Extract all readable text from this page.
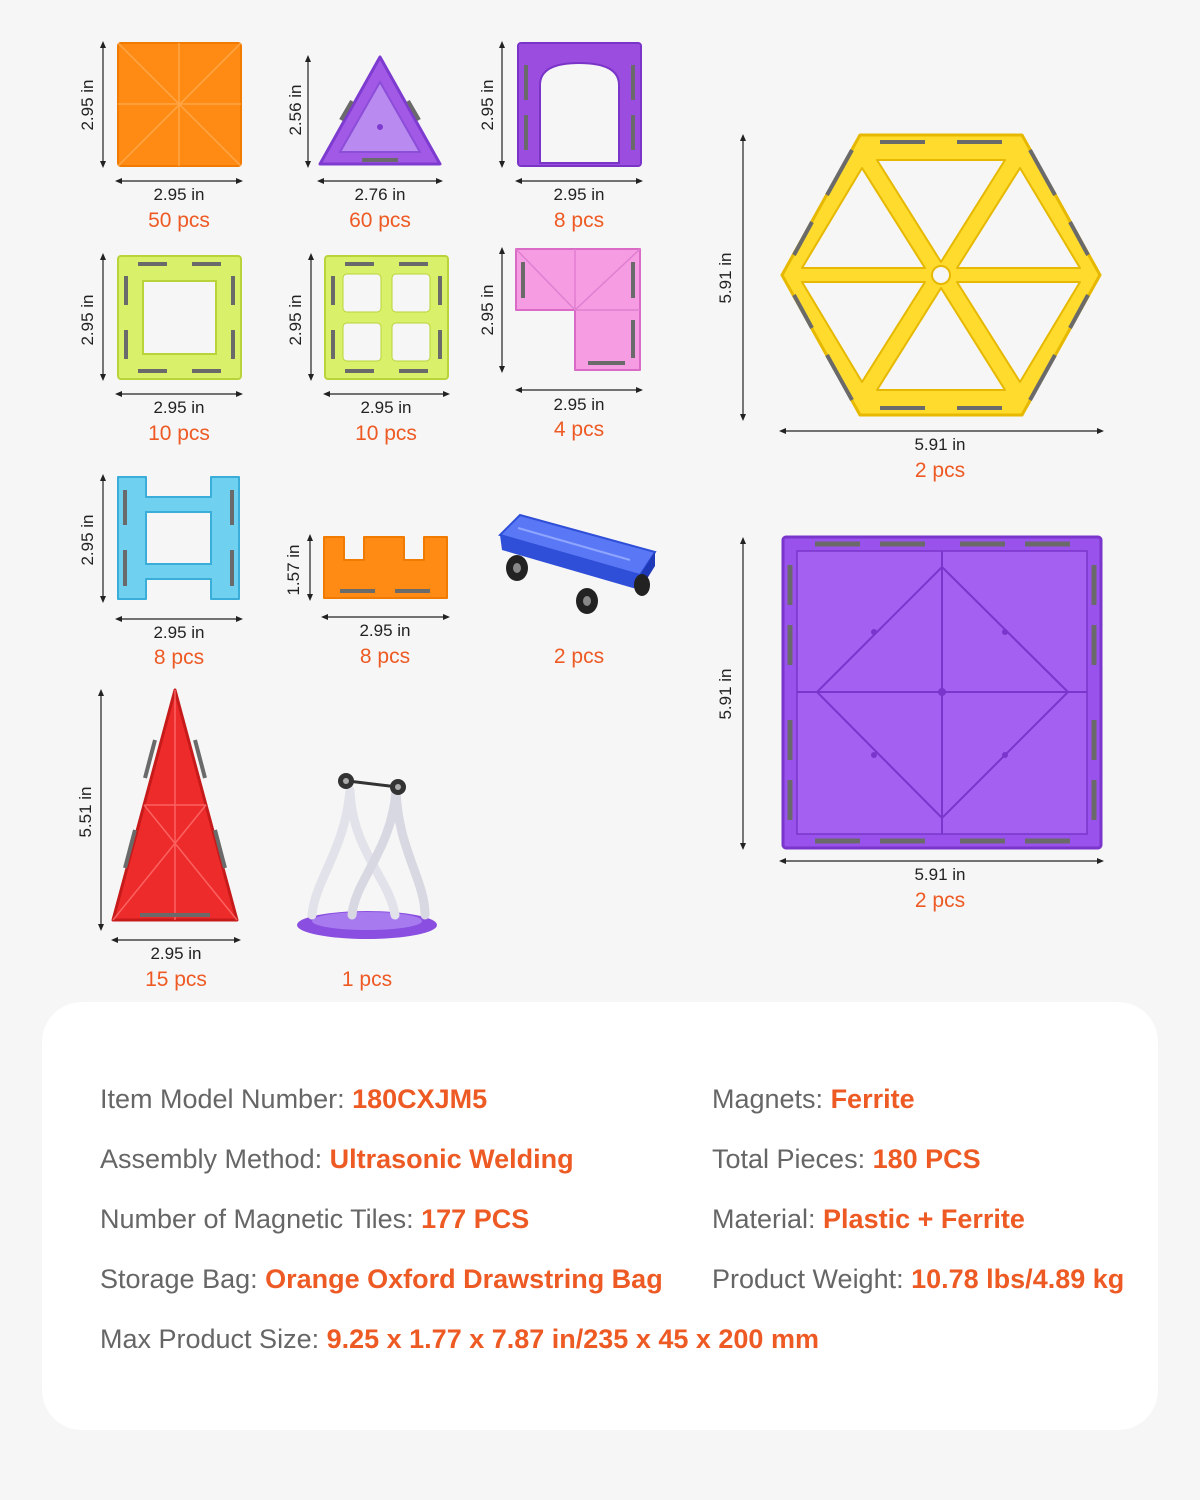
2.95 in
2.95 in
50 pcs
2.56 in
2.76 in
60 pcs
2.95 in
2.95 in
8 pcs
2.95 in
2.95 in
10 pcs
2.95 in
2.95 in
10 pcs
2.95 in
2.95 in
4 pcs
2.95 in
2.95 in
8 pcs
1.57 in
2.95 in
8 pcs	2 pcs
5.51 in
2.95 in
15 pcs	1 pcs
5.91 in
5.91 in
2 pcs
5.91 in
5.91 in
2 pcs
Item Model Number: 180CXJM5
Assembly Method: Ultrasonic Welding
Number of Magnetic Tiles: 177 PCS
Storage Bag: Orange Oxford Drawstring Bag
Max Product Size: 9.25 x 1.77 x 7.87 in/235 x 45 x 200 mm
Magnets: Ferrite
Total Pieces: 180 PCS
Material: Plastic + Ferrite
Product Weight: 10.78 lbs/4.89 kg
